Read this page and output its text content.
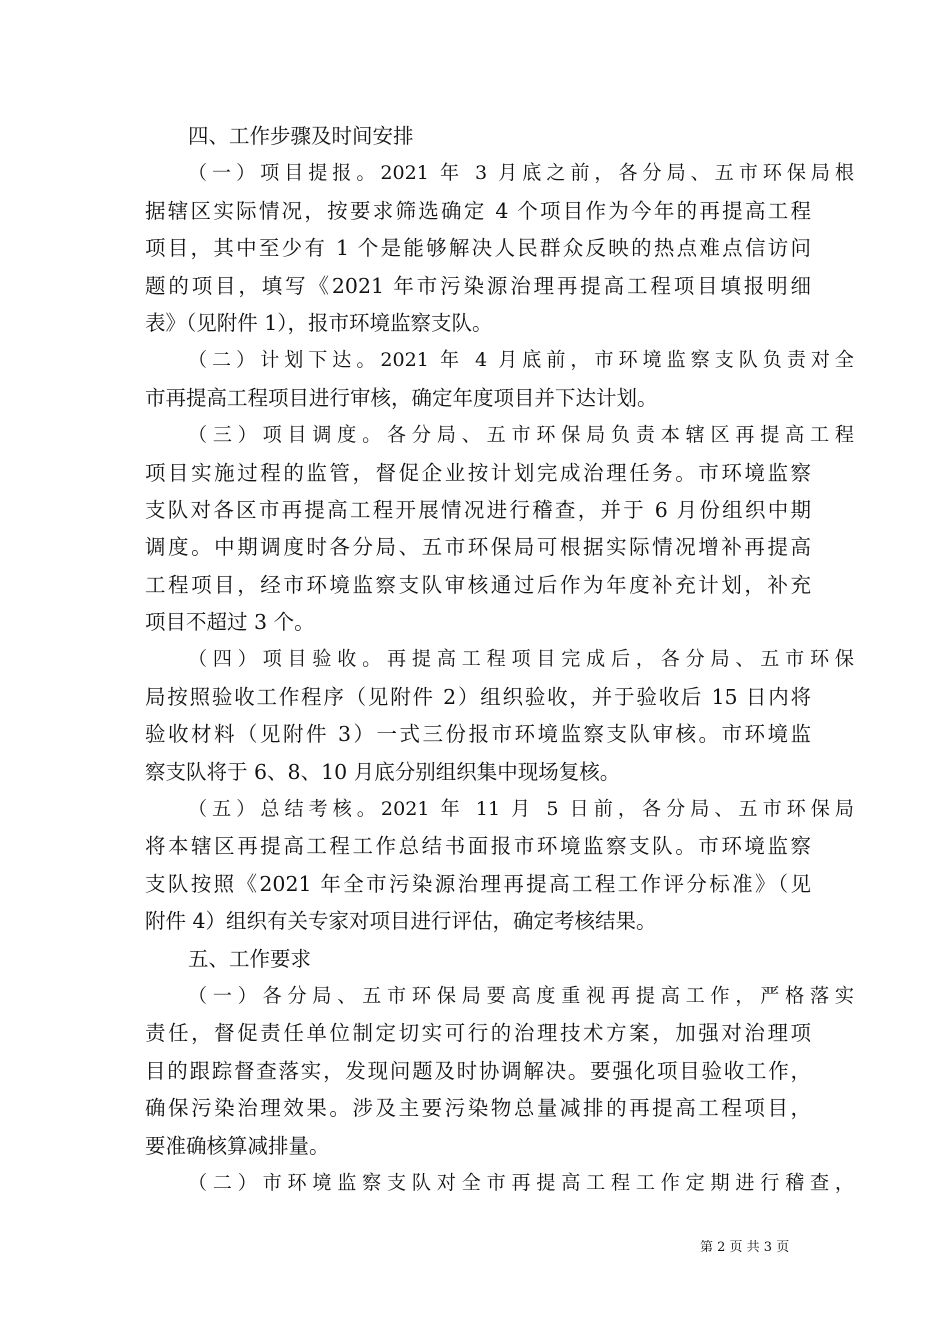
四、工作步骤及时间安排
（一）项目提报。2021 年 3 月底之前，各分局、五市环保局根
据辖区实际情况，按要求筛选确定 4 个项目作为今年的再提高工程
项目，其中至少有 1 个是能够解决人民群众反映的热点难点信访问
题的项目，填写《2021 年市污染源治理再提高工程项目填报明细
表》（见附件 1），报市环境监察支队。
（二）计划下达。2021 年 4 月底前，市环境监察支队负责对全
市再提高工程项目进行审核，确定年度项目并下达计划。
（三）项目调度。各分局、五市环保局负责本辖区再提高工程
项目实施过程的监管，督促企业按计划完成治理任务。市环境监察
支队对各区市再提高工程开展情况进行稽查，并于 6 月份组织中期
调度。中期调度时各分局、五市环保局可根据实际情况增补再提高
工程项目，经市环境监察支队审核通过后作为年度补充计划，补充
项目不超过 3 个。
（四）项目验收。再提高工程项目完成后，各分局、五市环保
局按照验收工作程序（见附件 2）组织验收，并于验收后 15 日内将
验收材料（见附件 3）一式三份报市环境监察支队审核。市环境监
察支队将于 6、8、10 月底分别组织集中现场复核。
（五）总结考核。2021 年 11 月 5 日前，各分局、五市环保局
将本辖区再提高工程工作总结书面报市环境监察支队。市环境监察
支队按照《2021 年全市污染源治理再提高工程工作评分标准》（见
附件 4）组织有关专家对项目进行评估，确定考核结果。
五、工作要求
（一）各分局、五市环保局要高度重视再提高工作，严格落实
责任，督促责任单位制定切实可行的治理技术方案，加强对治理项
目的跟踪督查落实，发现问题及时协调解决。要强化项目验收工作，
确保污染治理效果。涉及主要污染物总量减排的再提高工程项目，
要准确核算减排量。
（二）市环境监察支队对全市再提高工程工作定期进行稽查，
第 2 页 共 3 页
